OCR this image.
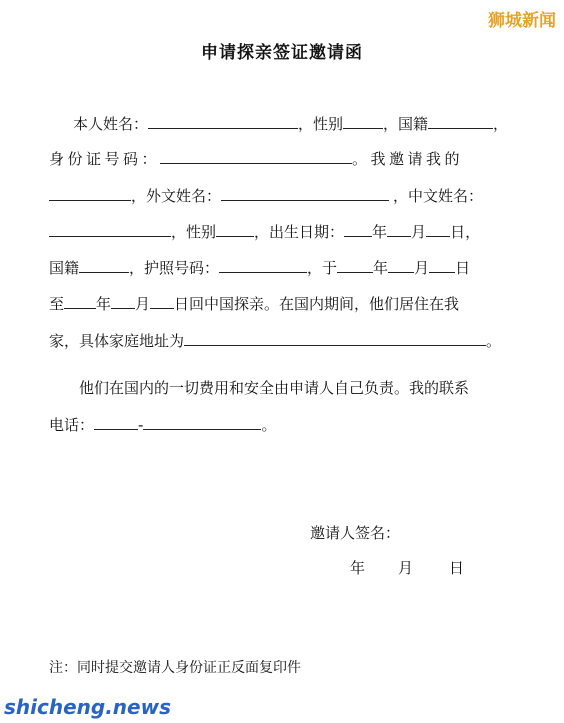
狮城新闻
申请探亲签证邀请函
本人姓名：	，性别	，国籍	，
身份证号码：	。我邀请我的
，外文姓名：	，中文姓名：
，性别	，出生日期： 年 月 日，
国籍	，护照号码：	，于 年 月 日
至 年 月 日回中国探亲。在国内期间，他们居住在我
家，具体家庭地址为	。
他们在国内的一切费用和安全由申请人自己负责。我的联系
电话：	-	。
邀请人签名：
年 月 日
注：同时提交邀请人身份证正反面复印件
shicheng.news
